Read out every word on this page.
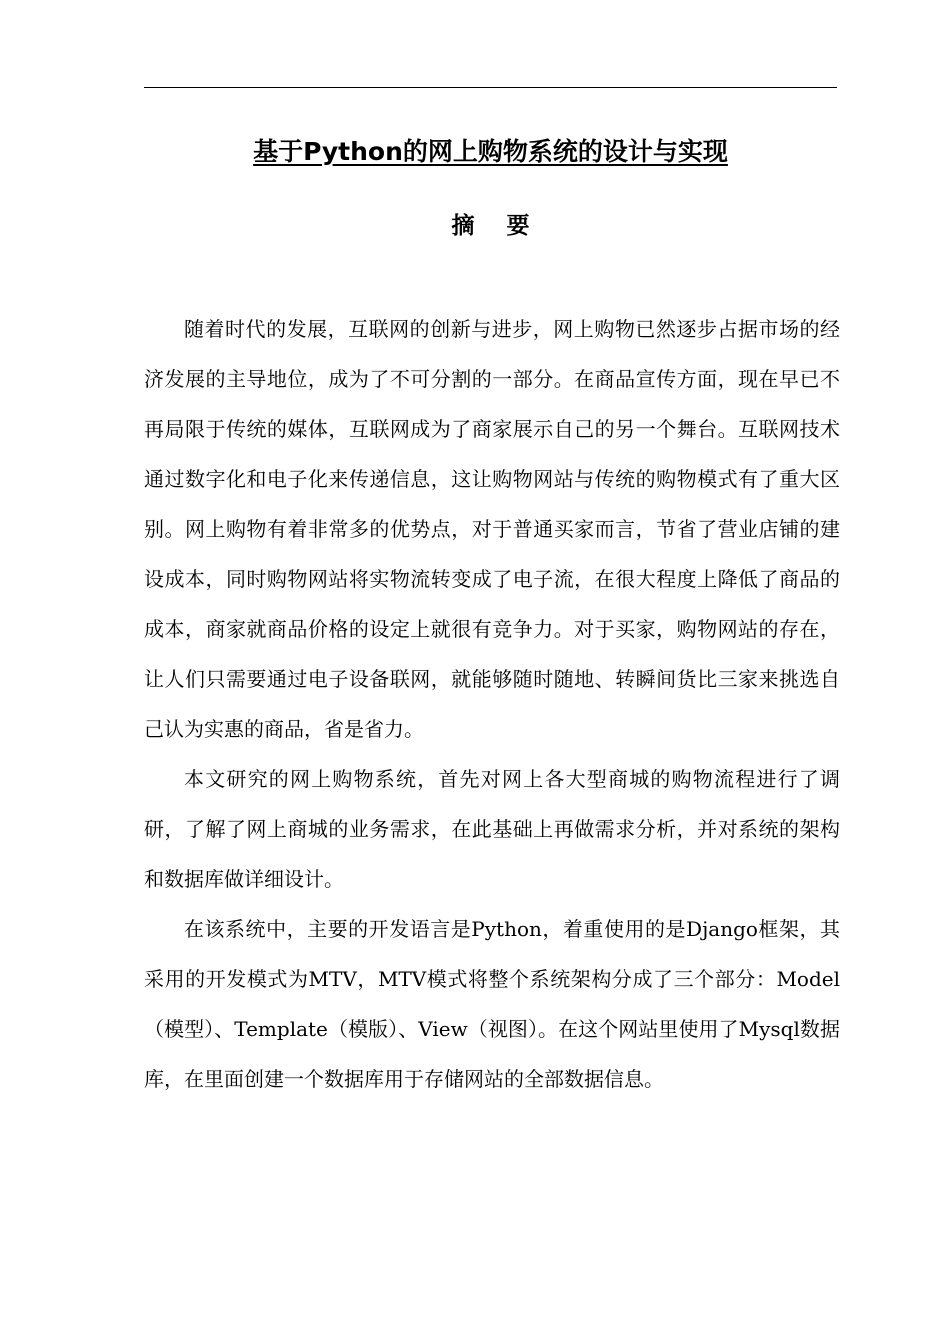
基于Python的网上购物系统的设计与实现
摘 要

随着时代的发展，互联网的创新与进步，网上购物已然逐步占据市场的经济发展的主导地位，成为了不可分割的一部分。在商品宣传方面，现在早已不再局限于传统的媒体，互联网成为了商家展示自己的另一个舞台。互联网技术通过数字化和电子化来传递信息，这让购物网站与传统的购物模式有了重大区别。网上购物有着非常多的优势点，对于普通买家而言，节省了营业店铺的建设成本，同时购物网站将实物流转变成了电子流，在很大程度上降低了商品的成本，商家就商品价格的设定上就很有竞争力。对于买家，购物网站的存在，让人们只需要通过电子设备联网，就能够随时随地、转瞬间货比三家来挑选自己认为实惠的商品，省是省力。

本文研究的网上购物系统，首先对网上各大型商城的购物流程进行了调研，了解了网上商城的业务需求，在此基础上再做需求分析，并对系统的架构和数据库做详细设计。

在该系统中，主要的开发语言是Python，着重使用的是Django框架，其采用的开发模式为MTV，MTV模式将整个系统架构分成了三个部分：Model（模型）、Template（模版）、View（视图）。在这个网站里使用了Mysql数据库，在里面创建一个数据库用于存储网站的全部数据信息。
